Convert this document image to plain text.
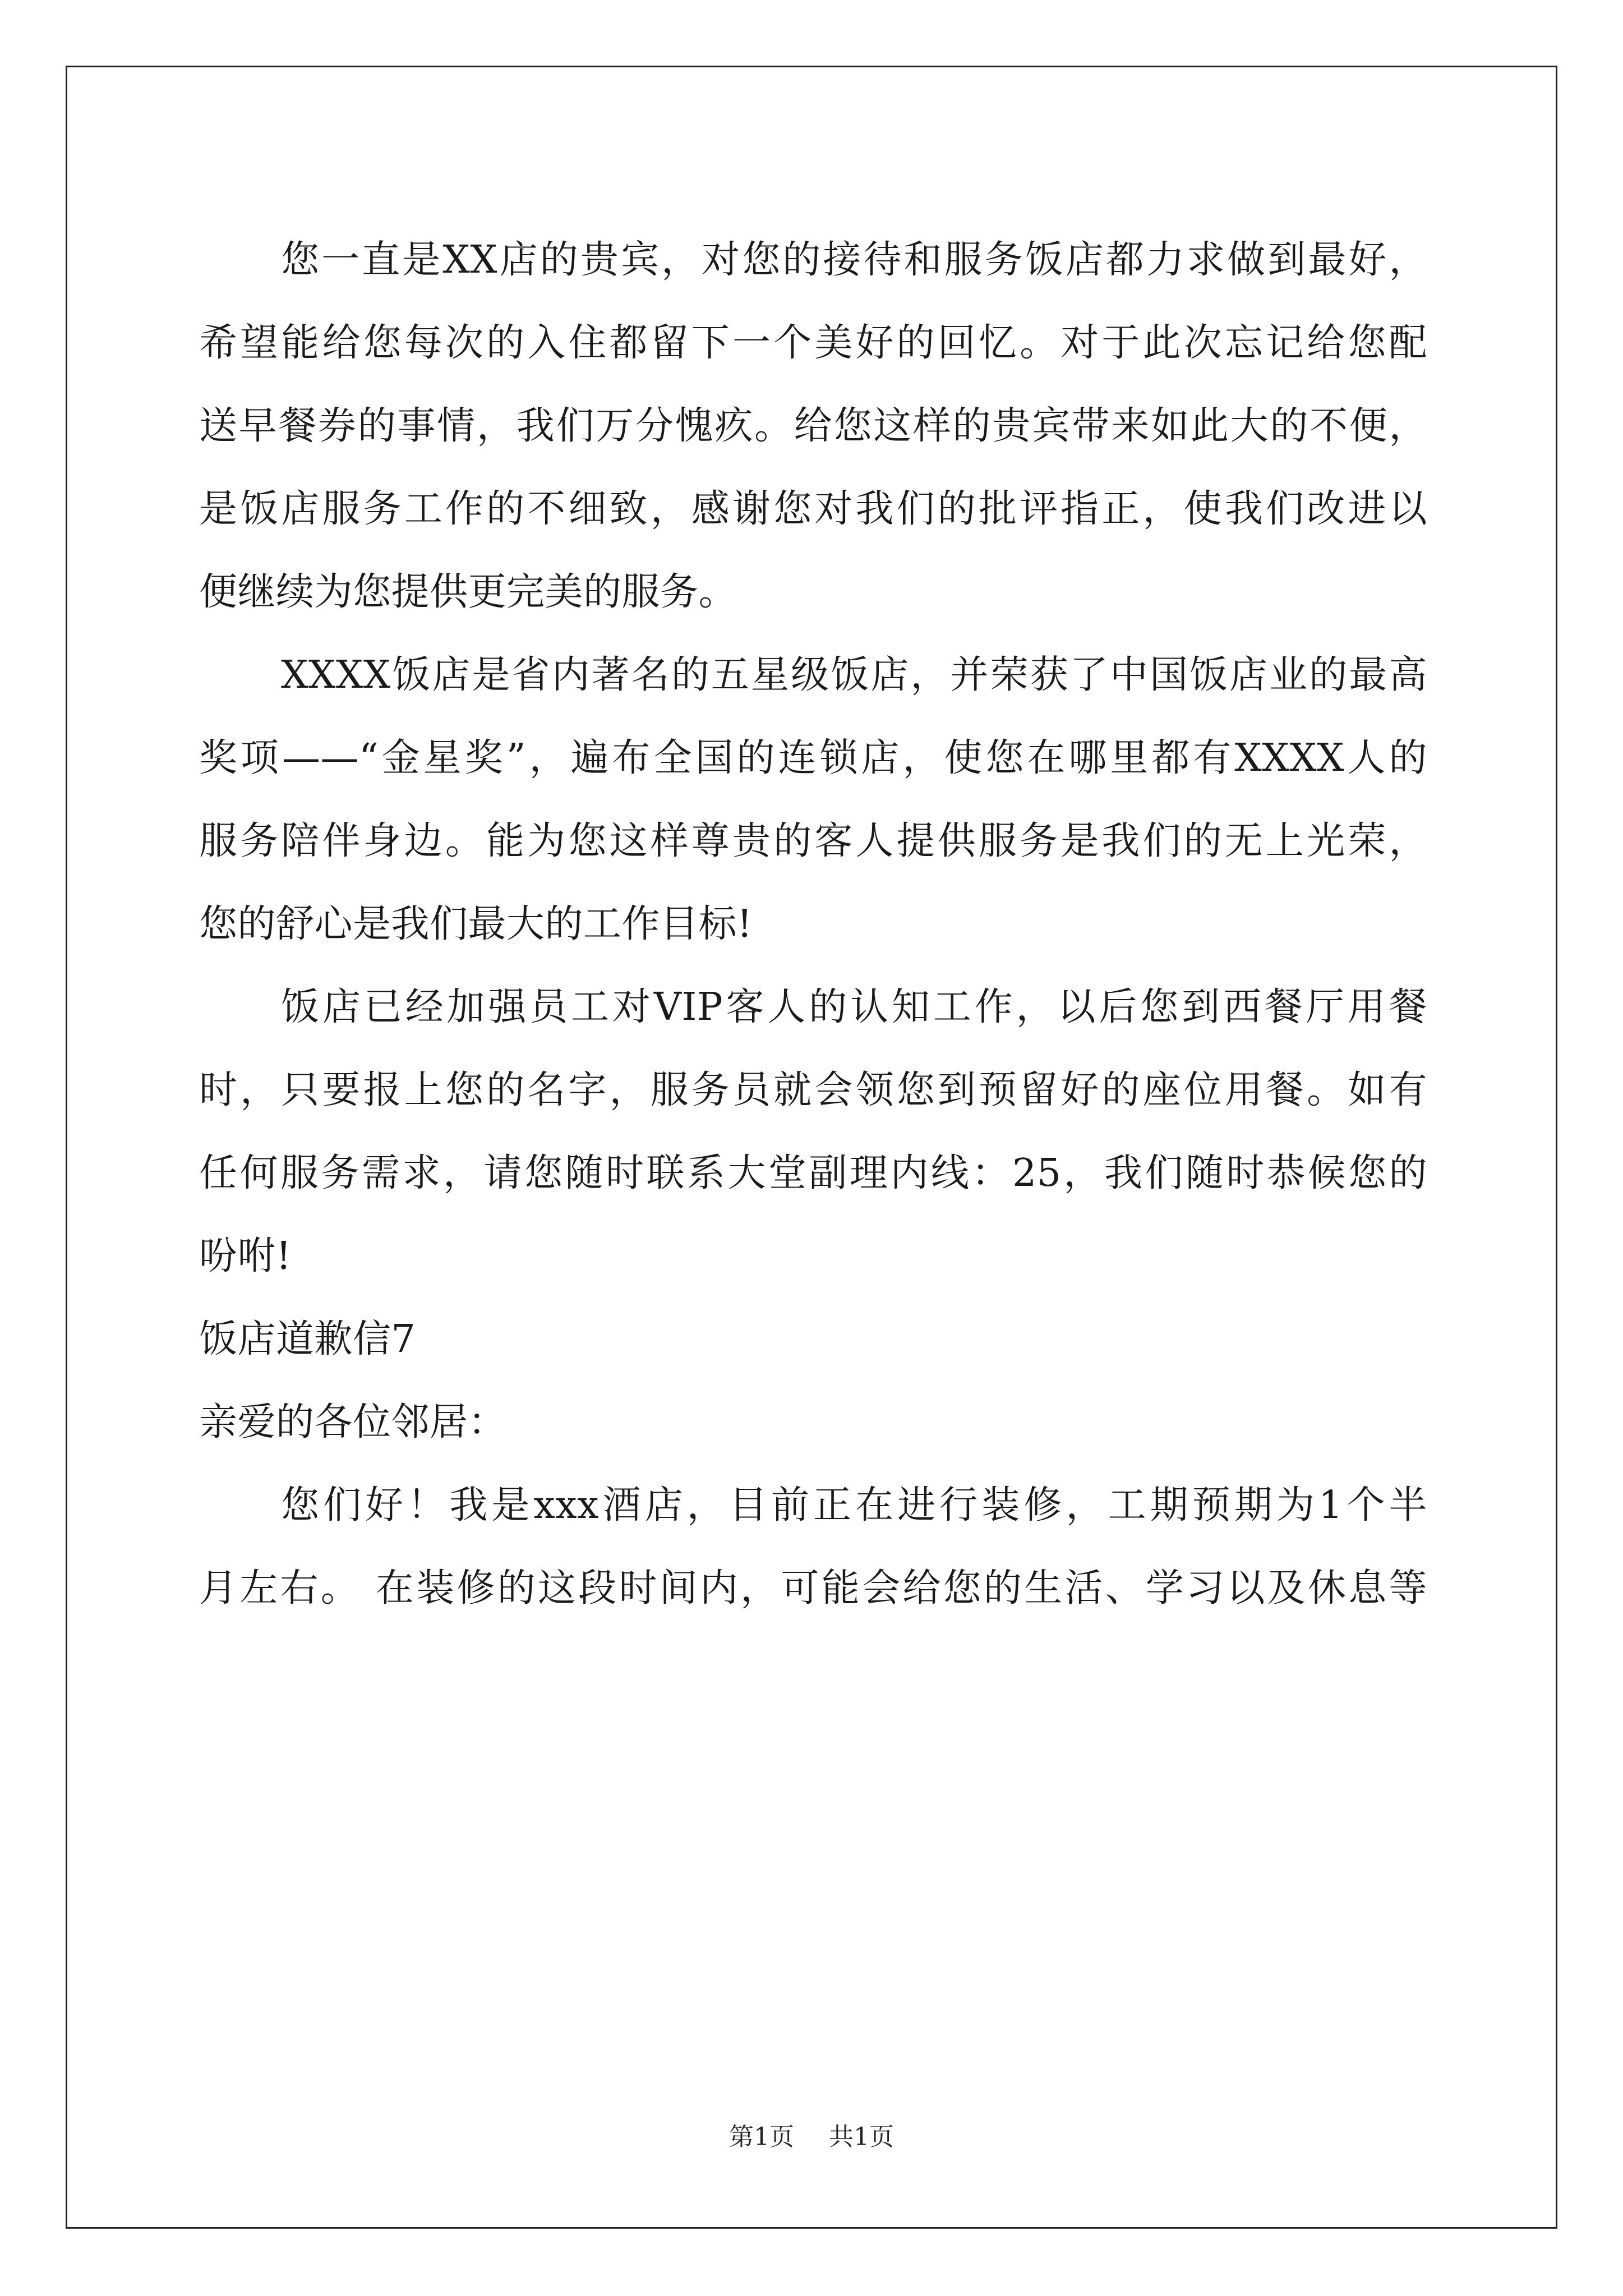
您一直是XX店的贵宾，对您的接待和服务饭店都力求做到最好，
希望能给您每次的入住都留下一个美好的回忆。对于此次忘记给您配
送早餐券的事情，我们万分愧疚。给您这样的贵宾带来如此大的不便，
是饭店服务工作的不细致，感谢您对我们的批评指正，使我们改进以
便继续为您提供更完美的服务。
XXXX饭店是省内著名的五星级饭店，并荣获了中国饭店业的最高
奖项——“金星奖”，遍布全国的连锁店，使您在哪里都有XXXX人的
服务陪伴身边。能为您这样尊贵的客人提供服务是我们的无上光荣，
您的舒心是我们最大的工作目标!
饭店已经加强员工对VIP客人的认知工作，以后您到西餐厅用餐
时，只要报上您的名字，服务员就会领您到预留好的座位用餐。如有
任何服务需求，请您随时联系大堂副理内线：25，我们随时恭候您的
吩咐!
饭店道歉信7
亲爱的各位邻居：
您们好！我是xxx酒店，目前正在进行装修，工期预期为1个半
月左右。 在装修的这段时间内，可能会给您的生活、学习以及休息等
第1页 共1页
